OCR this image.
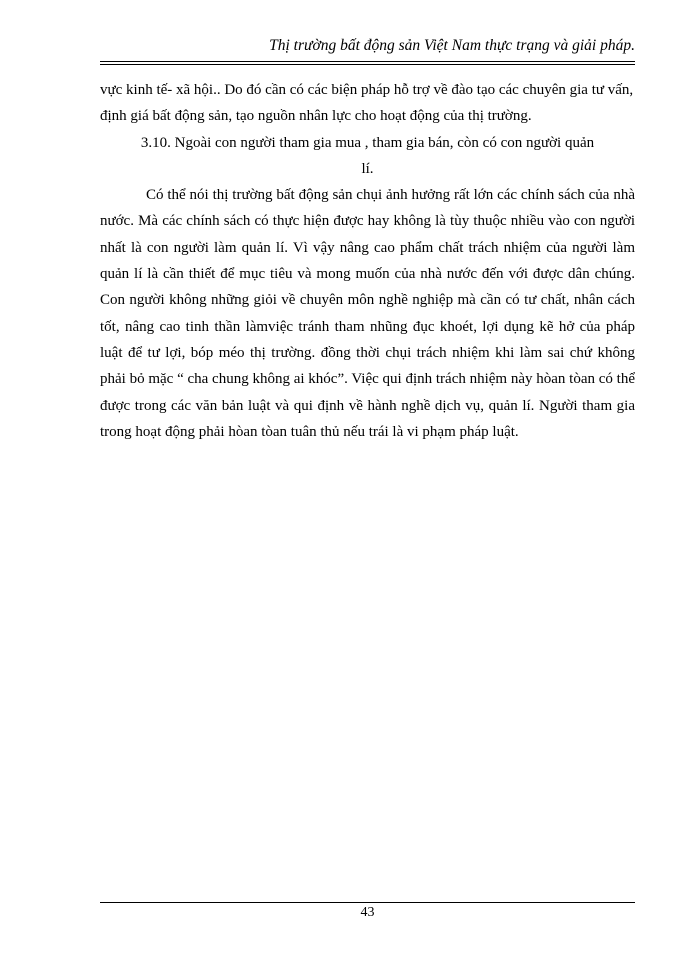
Thị trường bất động sản Việt Nam thực trạng và giải pháp.

vực kinh tế- xã hội.. Do đó cần có các biện pháp hỗ trợ về đào tạo các chuyên gia tư vấn, định giá bất động sản, tạo nguồn nhân lực cho hoạt động của thị trường.

3.10. Ngoài con người tham gia mua , tham gia bán, còn có con người quản lí.

Có thể nói thị trường bất động sản chụi ảnh hưởng rất lớn các chính sách của nhà nước. Mà các chính sách có thực hiện được hay không là tùy thuộc nhiều vào con người nhất là con người làm quản lí. Vì vậy nâng cao phẩm chất trách nhiệm của người làm quản lí là cần thiết để mục tiêu và mong muốn của nhà nước đến với được dân chúng. Con người không những giỏi về chuyên môn nghề nghiệp mà cần có tư chất, nhân cách tốt, nâng cao tinh thần làmviệc tránh tham nhũng đục khoét, lợi dụng kẽ hở của pháp luật để tư lợi, bóp méo thị trường. đồng thời chụi trách nhiệm khi làm sai chứ không phải bỏ mặc “ cha chung không ai khóc”. Việc qui định trách nhiệm này hòan tòan có thể được trong các văn bản luật và qui định về hành nghề dịch vụ, quản lí. Người tham gia trong hoạt động phải hòan tòan tuân thủ nếu trái là vi phạm pháp luật.

43
